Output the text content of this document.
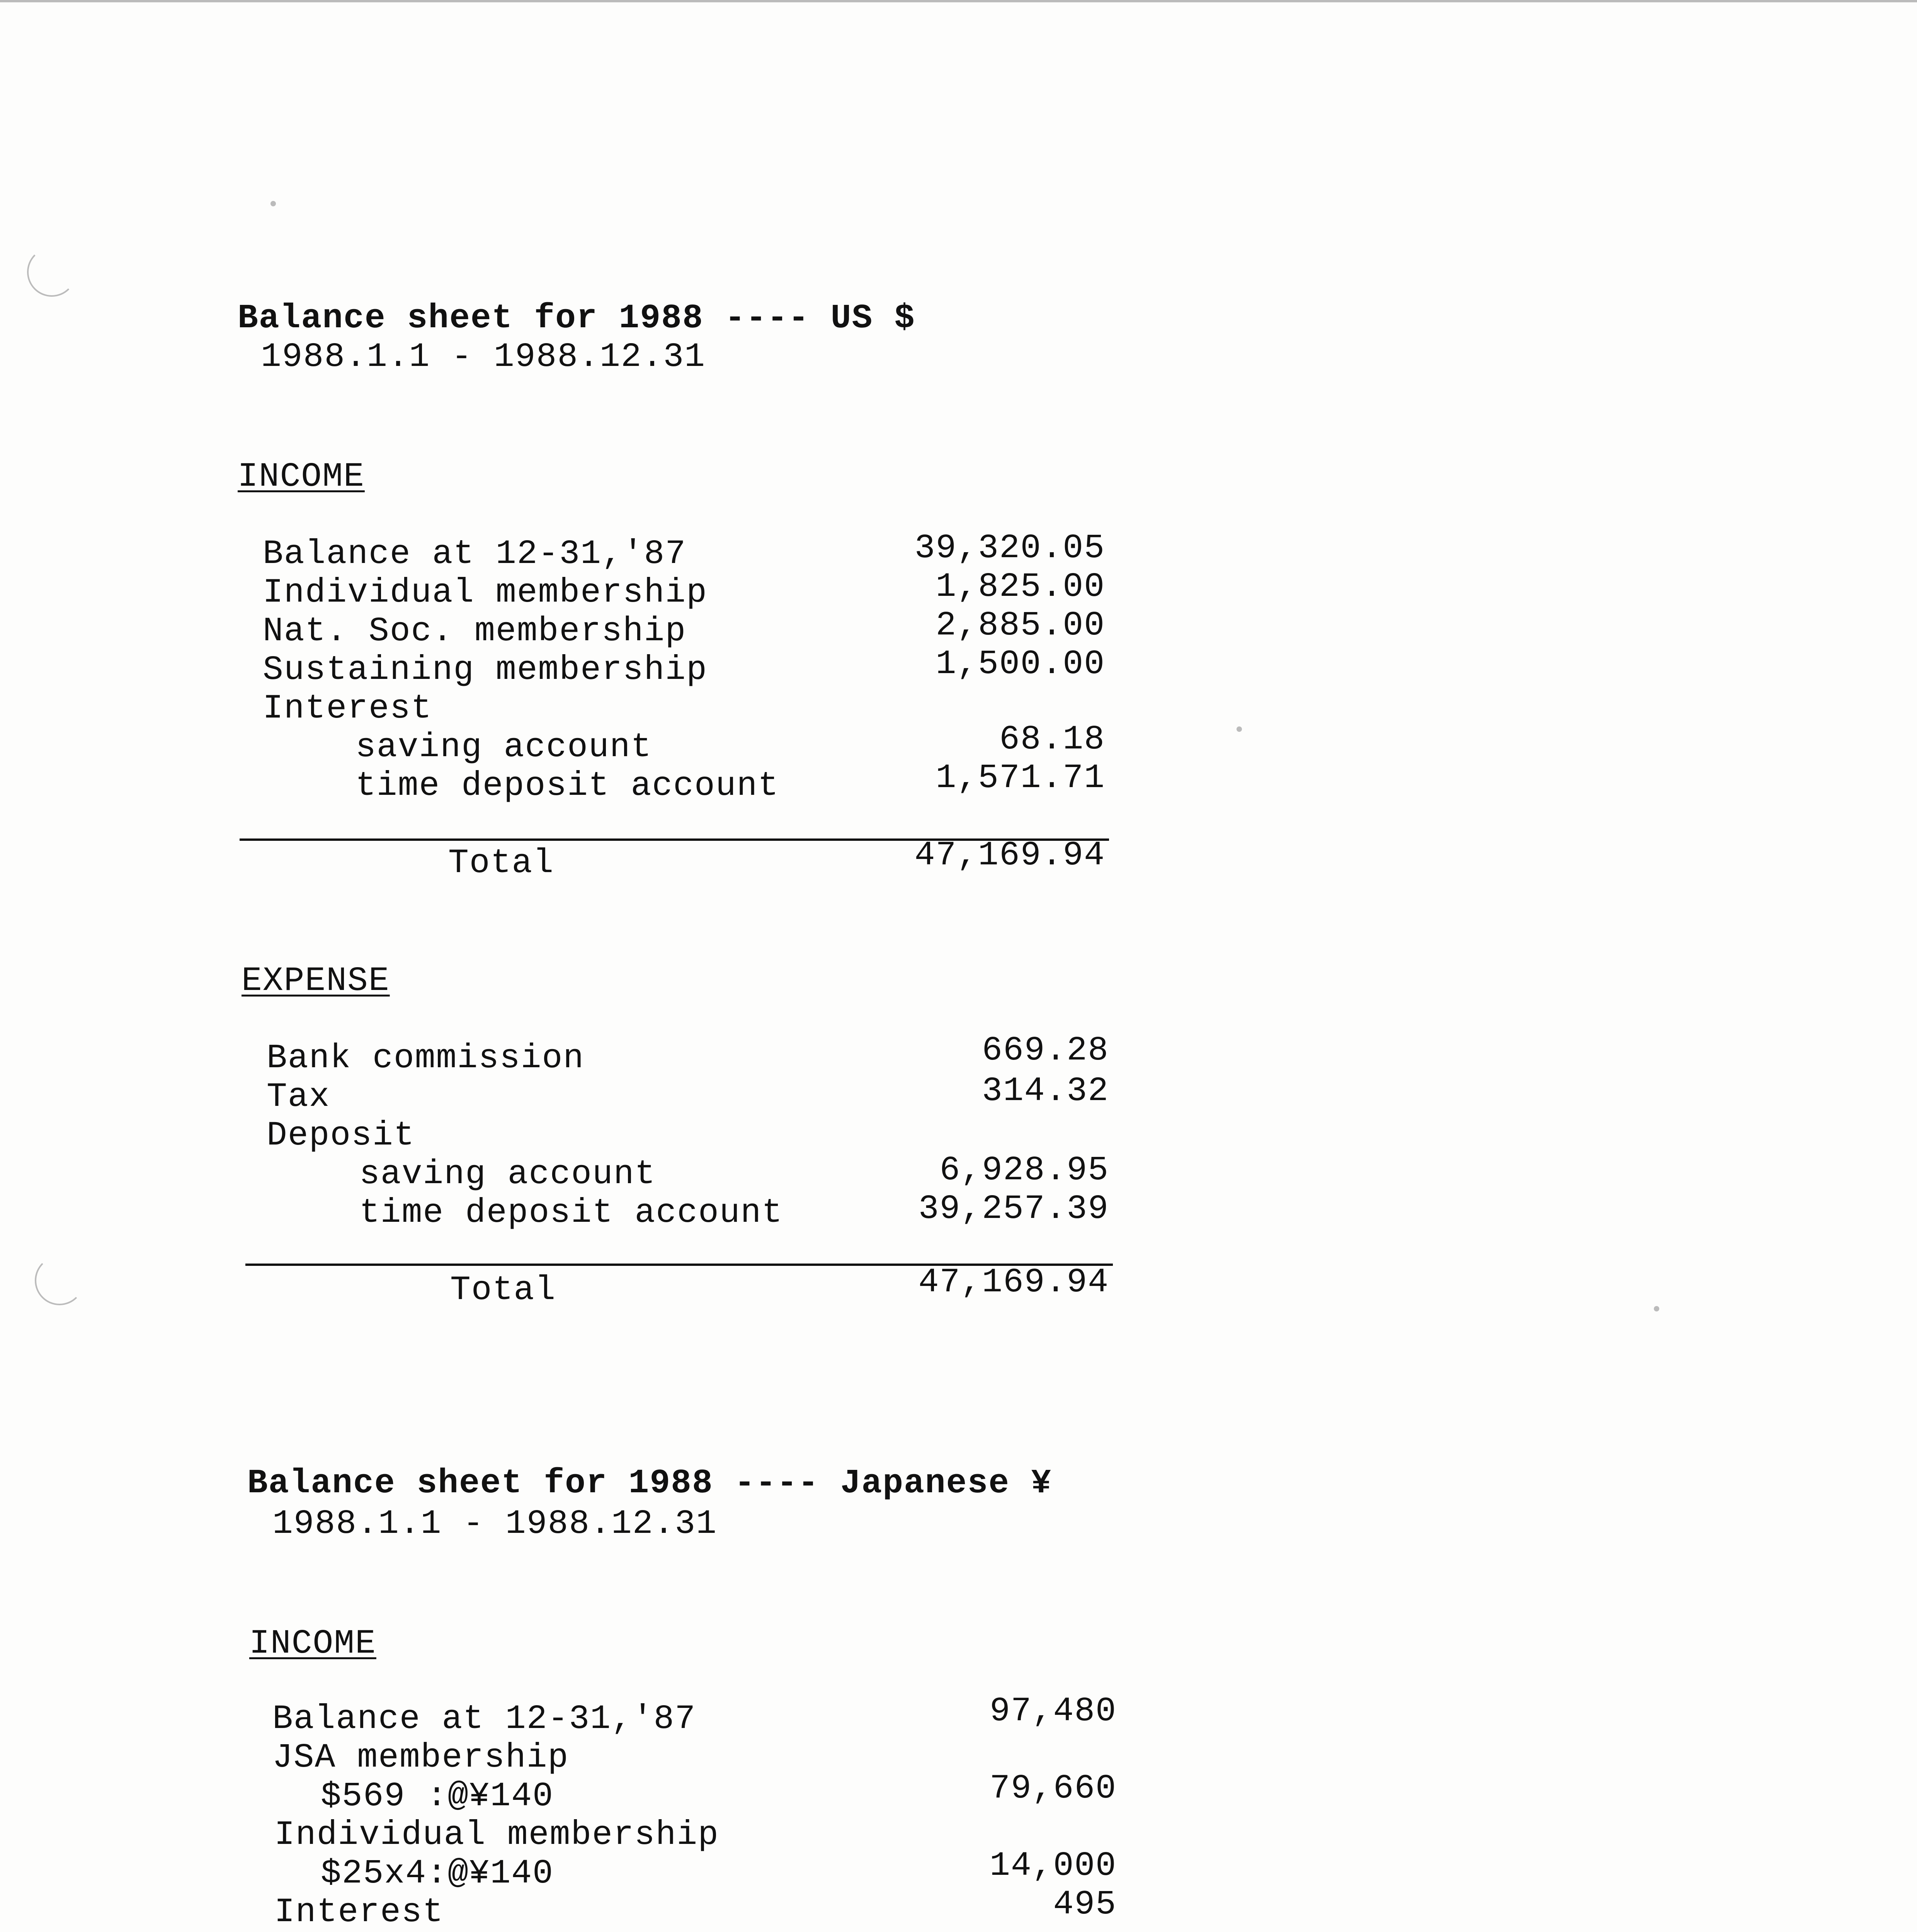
Balance sheet for 1988 ---- US $
1988.1.1 - 1988.12.31
INCOME
Balance at 12-31,'87	39,320.05
Individual membership	1,825.00
Nat. Soc. membership	2,885.00
Sustaining membership	1,500.00
Interest
saving account	68.18
time deposit account	1,571.71
Total	47,169.94
EXPENSE
Bank commission	669.28
Tax	314.32
Deposit
saving account	6,928.95
time deposit account	39,257.39
Total	47,169.94
Balance sheet for 1988 ---- Japanese ¥
1988.1.1 - 1988.12.31
INCOME
Balance at 12-31,'87	97,480
JSA membership
$569 :@¥140	79,660
Individual membership
$25x4:@¥140	14,000
Interest	495
